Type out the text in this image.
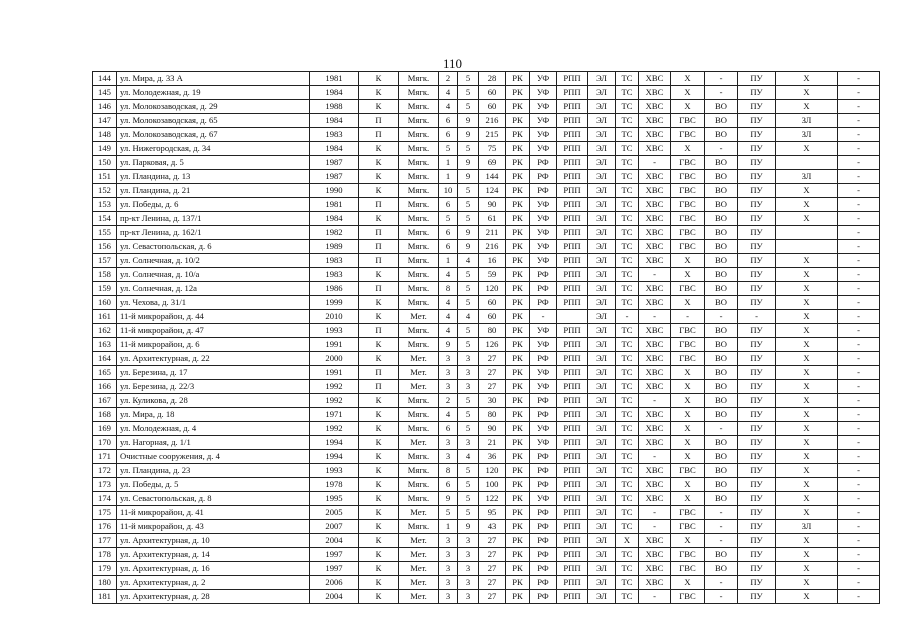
110
144	ул. Мира, д. 33 А	1981	К	Мягк.	2	5	28	РК	УФ	РПП	ЭЛ	ТС	ХВС	Х	-	ПУ	Х	-
145	ул. Молодежная, д. 19	1984	К	Мягк.	4	5	60	РК	УФ	РПП	ЭЛ	ТС	ХВС	Х	-	ПУ	Х	-
146	ул. Молокозаводская, д. 29	1988	К	Мягк.	4	5	60	РК	УФ	РПП	ЭЛ	ТС	ХВС	Х	ВО	ПУ	Х	-
147	ул. Молокозаводская, д. 65	1984	П	Мягк.	6	9	216	РК	УФ	РПП	ЭЛ	ТС	ХВС	ГВС	ВО	ПУ	ЗЛ	-
148	ул. Молокозаводская, д. 67	1983	П	Мягк.	6	9	215	РК	УФ	РПП	ЭЛ	ТС	ХВС	ГВС	ВО	ПУ	ЗЛ	-
149	ул. Нижегородская, д. 34	1984	К	Мягк.	5	5	75	РК	УФ	РПП	ЭЛ	ТС	ХВС	Х	-	ПУ	Х	-
150	ул. Парковая, д. 5	1987	К	Мягк.	1	9	69	РК	РФ	РПП	ЭЛ	ТС	-	ГВС	ВО	ПУ		-
151	ул. Пландина, д. 13	1987	К	Мягк.	1	9	144	РК	РФ	РПП	ЭЛ	ТС	ХВС	ГВС	ВО	ПУ	ЗЛ	-
152	ул. Пландина, д. 21	1990	К	Мягк.	10	5	124	РК	РФ	РПП	ЭЛ	ТС	ХВС	ГВС	ВО	ПУ	Х	-
153	ул. Победы, д. 6	1981	П	Мягк.	6	5	90	РК	УФ	РПП	ЭЛ	ТС	ХВС	ГВС	ВО	ПУ	Х	-
154	пр-кт Ленина, д. 137/1	1984	К	Мягк.	5	5	61	РК	УФ	РПП	ЭЛ	ТС	ХВС	ГВС	ВО	ПУ	Х	-
155	пр-кт Ленина, д. 162/1	1982	П	Мягк.	6	9	211	РК	УФ	РПП	ЭЛ	ТС	ХВС	ГВС	ВО	ПУ		-
156	ул. Севастопольская, д. 6	1989	П	Мягк.	6	9	216	РК	УФ	РПП	ЭЛ	ТС	ХВС	ГВС	ВО	ПУ		-
157	ул. Солнечная, д. 10/2	1983	П	Мягк.	1	4	16	РК	УФ	РПП	ЭЛ	ТС	ХВС	Х	ВО	ПУ	Х	-
158	ул. Солнечная, д. 10/а	1983	К	Мягк.	4	5	59	РК	РФ	РПП	ЭЛ	ТС	-	Х	ВО	ПУ	Х	-
159	ул. Солнечная, д. 12а	1986	П	Мягк.	8	5	120	РК	РФ	РПП	ЭЛ	ТС	ХВС	ГВС	ВО	ПУ	Х	-
160	ул. Чехова, д. 31/1	1999	К	Мягк.	4	5	60	РК	РФ	РПП	ЭЛ	ТС	ХВС	Х	ВО	ПУ	Х	-
161	11-й микрорайон, д. 44	2010	К	Мет.	4	4	60	РК	-		ЭЛ	-	-	-	-	-	Х	-
162	11-й микрорайон, д. 47	1993	П	Мягк.	4	5	80	РК	УФ	РПП	ЭЛ	ТС	ХВС	ГВС	ВО	ПУ	Х	-
163	11-й микрорайон, д. 6	1991	К	Мягк.	9	5	126	РК	УФ	РПП	ЭЛ	ТС	ХВС	ГВС	ВО	ПУ	Х	-
164	ул. Архитектурная, д. 22	2000	К	Мет.	3	3	27	РК	РФ	РПП	ЭЛ	ТС	ХВС	ГВС	ВО	ПУ	Х	-
165	ул. Березина, д. 17	1991	П	Мет.	3	3	27	РК	УФ	РПП	ЭЛ	ТС	ХВС	Х	ВО	ПУ	Х	-
166	ул. Березина, д. 22/3	1992	П	Мет.	3	3	27	РК	УФ	РПП	ЭЛ	ТС	ХВС	Х	ВО	ПУ	Х	-
167	ул. Куликова, д. 28	1992	К	Мягк.	2	5	30	РК	РФ	РПП	ЭЛ	ТС	-	Х	ВО	ПУ	Х	-
168	ул. Мира, д. 18	1971	К	Мягк.	4	5	80	РК	РФ	РПП	ЭЛ	ТС	ХВС	Х	ВО	ПУ	Х	-
169	ул. Молодежная, д. 4	1992	К	Мягк.	6	5	90	РК	УФ	РПП	ЭЛ	ТС	ХВС	Х	-	ПУ	Х	-
170	ул. Нагорная, д. 1/1	1994	К	Мет.	3	3	21	РК	УФ	РПП	ЭЛ	ТС	ХВС	Х	ВО	ПУ	Х	-
171	Очистные сооружения, д. 4	1994	К	Мягк.	3	4	36	РК	РФ	РПП	ЭЛ	ТС	-	Х	ВО	ПУ	Х	-
172	ул. Пландина, д. 23	1993	К	Мягк.	8	5	120	РК	РФ	РПП	ЭЛ	ТС	ХВС	ГВС	ВО	ПУ	Х	-
173	ул. Победы, д. 5	1978	К	Мягк.	6	5	100	РК	РФ	РПП	ЭЛ	ТС	ХВС	Х	ВО	ПУ	Х	-
174	ул. Севастопольская, д. 8	1995	К	Мягк.	9	5	122	РК	УФ	РПП	ЭЛ	ТС	ХВС	Х	ВО	ПУ	Х	-
175	11-й микрорайон, д. 41	2005	К	Мет.	5	5	95	РК	РФ	РПП	ЭЛ	ТС	-	ГВС	-	ПУ	Х	-
176	11-й микрорайон, д. 43	2007	К	Мягк.	1	9	43	РК	РФ	РПП	ЭЛ	ТС	-	ГВС	-	ПУ	ЗЛ	-
177	ул. Архитектурная, д. 10	2004	К	Мет.	3	3	27	РК	РФ	РПП	ЭЛ	Х	ХВС	Х	-	ПУ	Х	-
178	ул. Архитектурная, д. 14	1997	К	Мет.	3	3	27	РК	РФ	РПП	ЭЛ	ТС	ХВС	ГВС	ВО	ПУ	Х	-
179	ул. Архитектурная, д. 16	1997	К	Мет.	3	3	27	РК	РФ	РПП	ЭЛ	ТС	ХВС	ГВС	ВО	ПУ	Х	-
180	ул. Архитектурная, д. 2	2006	К	Мет.	3	3	27	РК	РФ	РПП	ЭЛ	ТС	ХВС	Х	-	ПУ	Х	-
181	ул. Архитектурная, д. 28	2004	К	Мет.	3	3	27	РК	РФ	РПП	ЭЛ	ТС	-	ГВС	-	ПУ	Х	-
